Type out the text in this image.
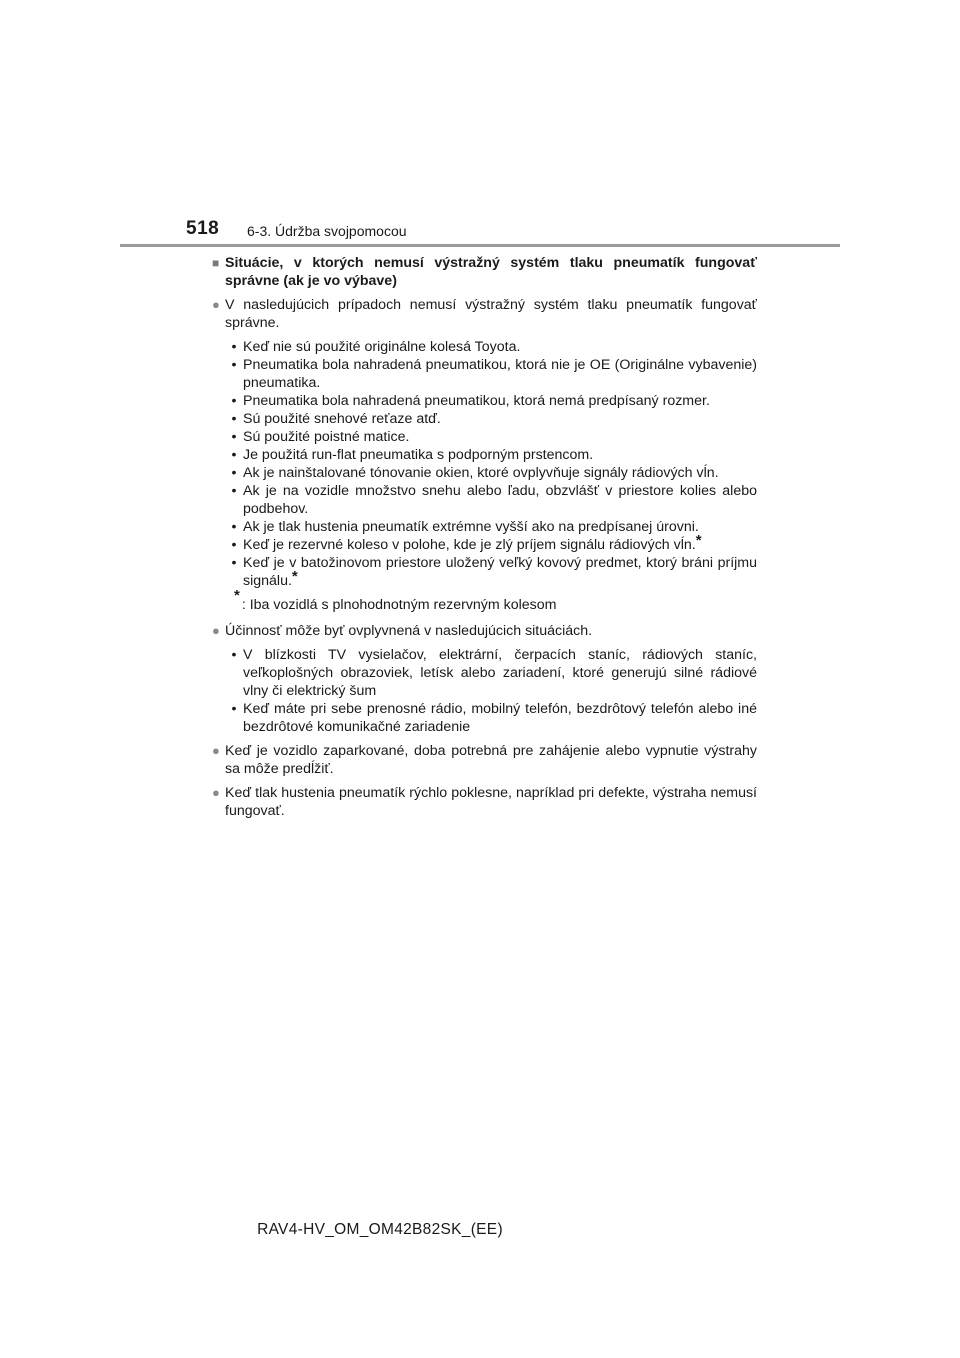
518 6-3. Údržba svojpomocou
■ Situácie, v ktorých nemusí výstražný systém tlaku pneumatík fungovať správne (ak je vo výbave)
● V nasledujúcich prípadoch nemusí výstražný systém tlaku pneumatík fungovať správne.
• Keď nie sú použité originálne kolesá Toyota.
• Pneumatika bola nahradená pneumatikou, ktorá nie je OE (Originálne vybavenie) pneumatika.
• Pneumatika bola nahradená pneumatikou, ktorá nemá predpísaný rozmer.
• Sú použité snehové reťaze atď.
• Sú použité poistné matice.
• Je použitá run-flat pneumatika s podporným prstencom.
• Ak je nainštalované tónovanie okien, ktoré ovplyvňuje signály rádiových vĺn.
• Ak je na vozidle množstvo snehu alebo ľadu, obzvlášť v priestore kolies alebo podbehov.
• Ak je tlak hustenia pneumatík extrémne vyšší ako na predpísanej úrovni.
• Keď je rezervné koleso v polohe, kde je zlý príjem signálu rádiových vĺn.*
• Keď je v batožinovom priestore uložený veľký kovový predmet, ktorý bráni príjmu signálu.*
*
: Iba vozidlá s plnohodnotným rezervným kolesom
● Účinnosť môže byť ovplyvnená v nasledujúcich situáciách.
• V blízkosti TV vysielačov, elektrární, čerpacích staníc, rádiových staníc, veľkoplošných obrazoviek, letísk alebo zariadení, ktoré generujú silné rádiové vlny či elektrický šum
• Keď máte pri sebe prenosné rádio, mobilný telefón, bezdrôtový telefón alebo iné bezdrôtové komunikačné zariadenie
● Keď je vozidlo zaparkované, doba potrebná pre zahájenie alebo vypnutie výstrahy sa môže predĺžiť.
● Keď tlak hustenia pneumatík rýchlo poklesne, napríklad pri defekte, výstraha nemusí fungovať.
RAV4-HV_OM_OM42B82SK_(EE)
